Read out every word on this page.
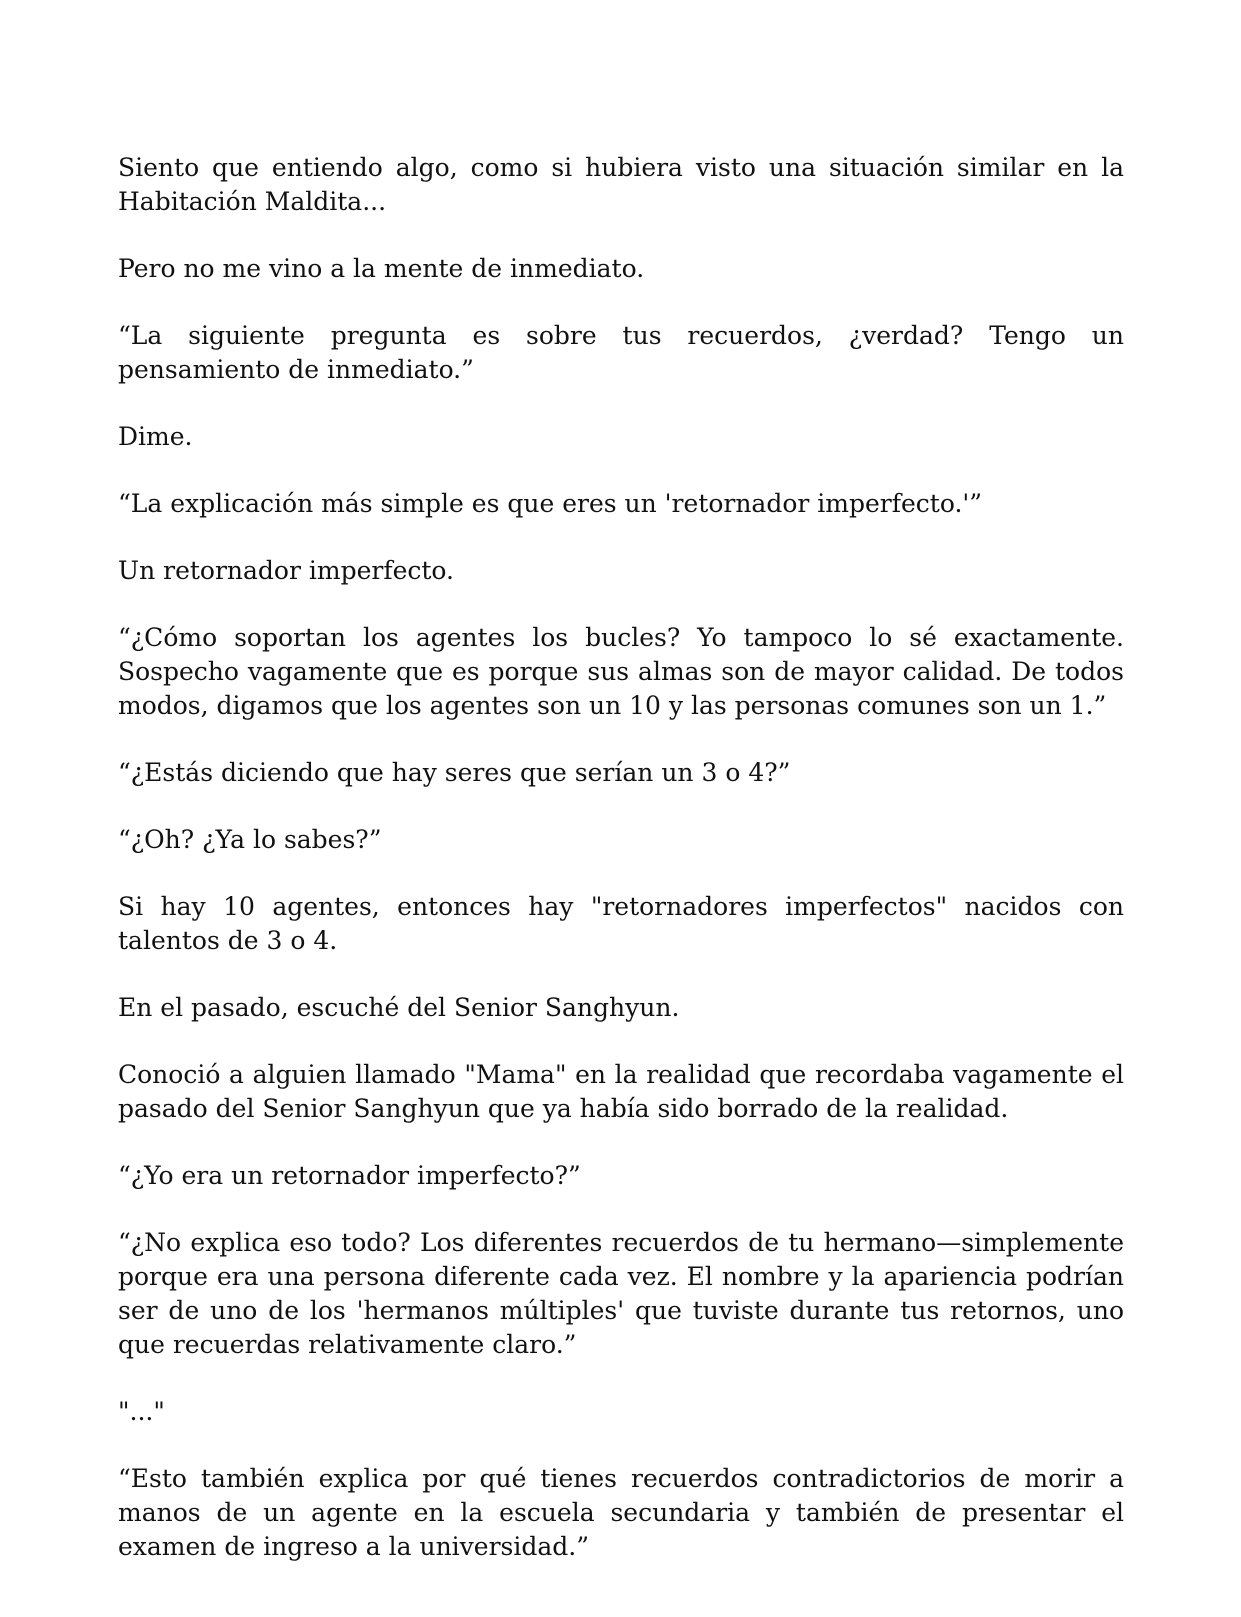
Siento que entiendo algo, como si hubiera visto una situación similar en la Habitación Maldita...

Pero no me vino a la mente de inmediato.

“La siguiente pregunta es sobre tus recuerdos, ¿verdad? Tengo un pensamiento de inmediato.”

Dime.

“La explicación más simple es que eres un 'retornador imperfecto.'”

Un retornador imperfecto.

“¿Cómo soportan los agentes los bucles? Yo tampoco lo sé exactamente. Sospecho vagamente que es porque sus almas son de mayor calidad. De todos modos, digamos que los agentes son un 10 y las personas comunes son un 1.”

“¿Estás diciendo que hay seres que serían un 3 o 4?”

“¿Oh? ¿Ya lo sabes?”

Si hay 10 agentes, entonces hay "retornadores imperfectos" nacidos con talentos de 3 o 4.

En el pasado, escuché del Senior Sanghyun.

Conoció a alguien llamado "Mama" en la realidad que recordaba vagamente el pasado del Senior Sanghyun que ya había sido borrado de la realidad.

“¿Yo era un retornador imperfecto?”

“¿No explica eso todo? Los diferentes recuerdos de tu hermano—simplemente porque era una persona diferente cada vez. El nombre y la apariencia podrían ser de uno de los 'hermanos múltiples' que tuviste durante tus retornos, uno que recuerdas relativamente claro.”

"..."

“Esto también explica por qué tienes recuerdos contradictorios de morir a manos de un agente en la escuela secundaria y también de presentar el examen de ingreso a la universidad.”
